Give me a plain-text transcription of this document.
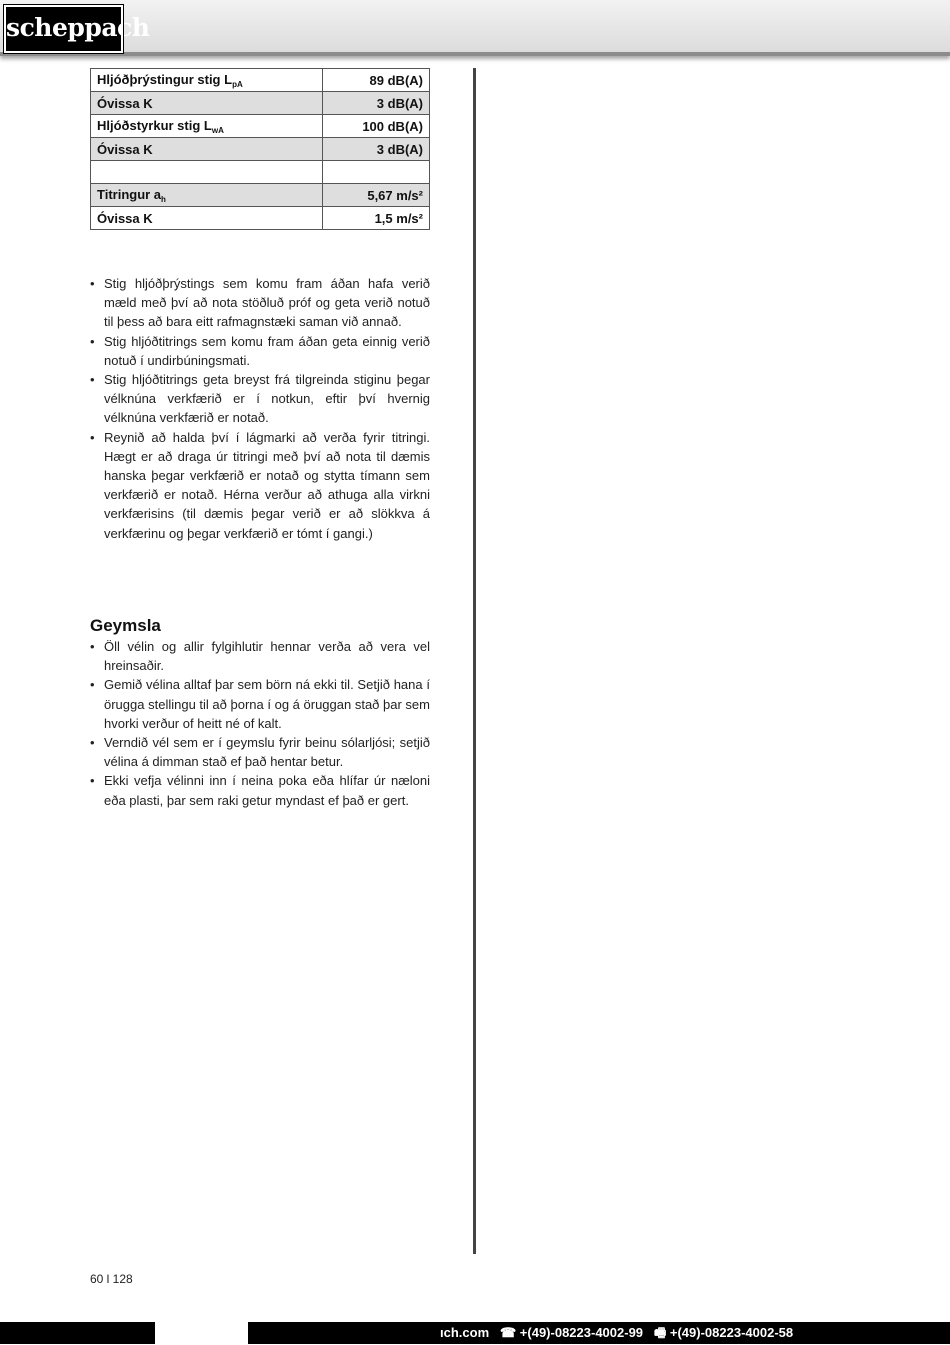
scheppach
Hljóðþrýstingur stig $L_{pA}$	89 dB(A)
Óvissa K	3 dB(A)
Hljóðstyrkur stig $L_{wA}$	100 dB(A)
Óvissa K	3 dB(A)

Titringur $a_h$	5,67 m/s²
Óvissa K	1,5 m/s²
• Stig hljóðþrýstings sem komu fram áðan hafa verið mæld með því að nota stöðluð próf og geta verið notuð til þess að bara eitt rafmagnstæki saman við annað.
• Stig hljóðtitrings sem komu fram áðan geta einnig verið notuð í undirbúningsmati.
• Stig hljóðtitrings geta breyst frá tilgreinda stiginu þegar vélknúna verkfærið er í notkun, eftir því hvernig vélknúna verkfærið er notað.
• Reynið að halda því í lágmarki að verða fyrir titringi. Hægt er að draga úr titringi með því að nota til dæmis hanska þegar verkfærið er notað og stytta tímann sem verkfærið er notað. Hérna verður að athuga alla virkni verkfærisins (til dæmis þegar verið er að slökkva á verkfærinu og þegar verkfærið er tómt í gangi.)
Geymsla
• Öll vélin og allir fylgihlutir hennar verða að vera vel hreinsaðir.
• Gemið vélina alltaf þar sem börn ná ekki til. Setjið hana í örugga stellingu til að þorna í og á öruggan stað þar sem hvorki verður of heitt né of kalt.
• Verndið vél sem er í geymslu fyrir beinu sólarljósi; setjið vélina á dimman stað ef það hentar betur.
• Ekki vefja vélinni inn í neina poka eða hlífar úr næloni eða plasti, þar sem raki getur myndast ef það er gert.
60 l 128
ıch.com ☎ +(49)-08223-4002-99 🖷 +(49)-08223-4002-58
